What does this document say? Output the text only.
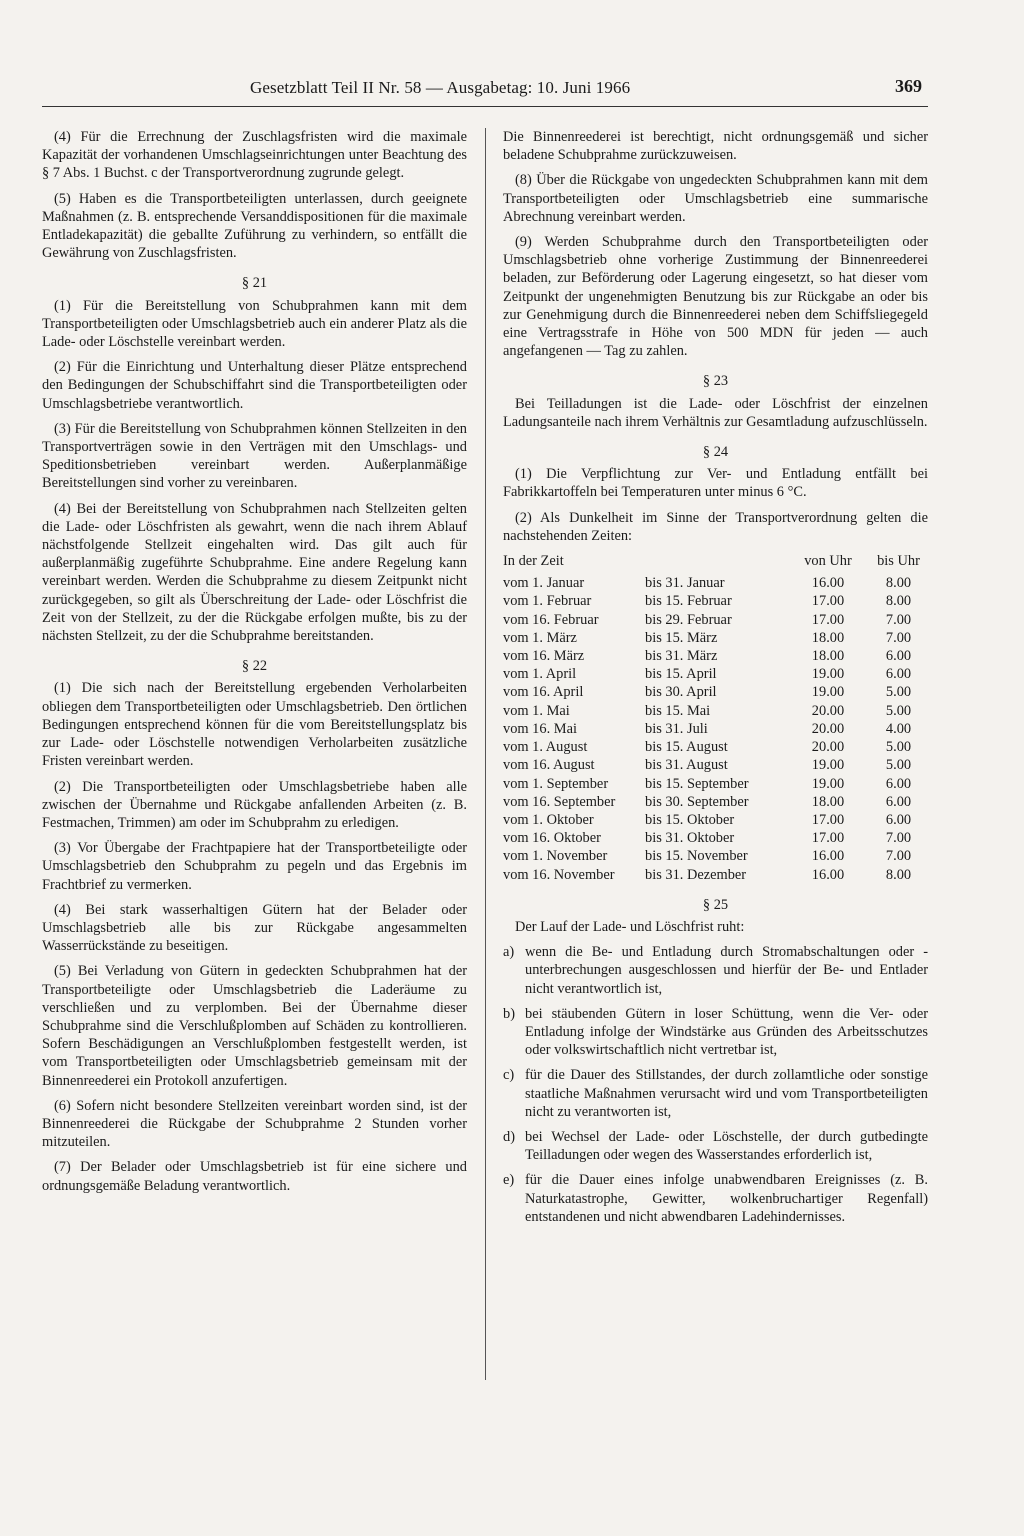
Gesetzblatt Teil II Nr. 58 — Ausgabetag: 10. Juni 1966	369

(4) Für die Errechnung der Zuschlagsfristen wird die maximale Kapazität der vorhandenen Umschlagseinrichtungen unter Beachtung des § 7 Abs. 1 Buchst. c der Transportverordnung zugrunde gelegt.

(5) Haben es die Transportbeteiligten unterlassen, durch geeignete Maßnahmen (z. B. entsprechende Versanddispositionen für die maximale Entladekapazität) die geballte Zuführung zu verhindern, so entfällt die Gewährung von Zuschlagsfristen.

§ 21

(1) Für die Bereitstellung von Schubprahmen kann mit dem Transportbeteiligten oder Umschlagsbetrieb auch ein anderer Platz als die Lade- oder Löschstelle vereinbart werden.

(2) Für die Einrichtung und Unterhaltung dieser Plätze entsprechend den Bedingungen der Schubschiffahrt sind die Transportbeteiligten oder Umschlagsbetriebe verantwortlich.

(3) Für die Bereitstellung von Schubprahmen können Stellzeiten in den Transportverträgen sowie in den Verträgen mit den Umschlags- und Speditionsbetrieben vereinbart werden. Außerplanmäßige Bereitstellungen sind vorher zu vereinbaren.

(4) Bei der Bereitstellung von Schubprahmen nach Stellzeiten gelten die Lade- oder Löschfristen als gewahrt, wenn die nach ihrem Ablauf nächstfolgende Stellzeit eingehalten wird. Das gilt auch für außerplanmäßig zugeführte Schubprahme. Eine andere Regelung kann vereinbart werden. Werden die Schubprahme zu diesem Zeitpunkt nicht zurückgegeben, so gilt als Überschreitung der Lade- oder Löschfrist die Zeit von der Stellzeit, zu der die Rückgabe erfolgen mußte, bis zu der nächsten Stellzeit, zu der die Schubprahme bereitstanden.

§ 22

(1) Die sich nach der Bereitstellung ergebenden Verholarbeiten obliegen dem Transportbeteiligten oder Umschlagsbetrieb. Den örtlichen Bedingungen entsprechend können für die vom Bereitstellungsplatz bis zur Lade- oder Löschstelle notwendigen Verholarbeiten zusätzliche Fristen vereinbart werden.

(2) Die Transportbeteiligten oder Umschlagsbetriebe haben alle zwischen der Übernahme und Rückgabe anfallenden Arbeiten (z. B. Festmachen, Trimmen) am oder im Schubprahm zu erledigen.

(3) Vor Übergabe der Frachtpapiere hat der Transportbeteiligte oder Umschlagsbetrieb den Schubprahm zu pegeln und das Ergebnis im Frachtbrief zu vermerken.

(4) Bei stark wasserhaltigen Gütern hat der Belader oder Umschlagsbetrieb alle bis zur Rückgabe angesammelten Wasserrückstände zu beseitigen.

(5) Bei Verladung von Gütern in gedeckten Schubprahmen hat der Transportbeteiligte oder Umschlagsbetrieb die Laderäume zu verschließen und zu verplomben. Bei der Übernahme dieser Schubprahme sind die Verschlußplomben auf Schäden zu kontrollieren. Sofern Beschädigungen an Verschlußplomben festgestellt werden, ist vom Transportbeteiligten oder Umschlagsbetrieb gemeinsam mit der Binnenreederei ein Protokoll anzufertigen.

(6) Sofern nicht besondere Stellzeiten vereinbart worden sind, ist der Binnenreederei die Rückgabe der Schubprahme 2 Stunden vorher mitzuteilen.

(7) Der Belader oder Umschlagsbetrieb ist für eine sichere und ordnungsgemäße Beladung verantwortlich.

Die Binnenreederei ist berechtigt, nicht ordnungsgemäß und sicher beladene Schubprahme zurückzuweisen.

(8) Über die Rückgabe von ungedeckten Schubprahmen kann mit dem Transportbeteiligten oder Umschlagsbetrieb eine summarische Abrechnung vereinbart werden.

(9) Werden Schubprahme durch den Transportbeteiligten oder Umschlagsbetrieb ohne vorherige Zustimmung der Binnenreederei beladen, zur Beförderung oder Lagerung eingesetzt, so hat dieser vom Zeitpunkt der ungenehmigten Benutzung bis zur Rückgabe an oder bis zur Genehmigung durch die Binnenreederei neben dem Schiffsliegegeld eine Vertragsstrafe in Höhe von 500 MDN für jeden — auch angefangenen — Tag zu zahlen.

§ 23

Bei Teilladungen ist die Lade- oder Löschfrist der einzelnen Ladungsanteile nach ihrem Verhältnis zur Gesamtladung aufzuschlüsseln.

§ 24

(1) Die Verpflichtung zur Ver- und Entladung entfällt bei Fabrikkartoffeln bei Temperaturen unter minus 6 °C.

(2) Als Dunkelheit im Sinne der Transportverordnung gelten die nachstehenden Zeiten:

In der Zeit		von Uhr	bis Uhr
vom 1. Januar	bis 31. Januar	16.00	8.00
vom 1. Februar	bis 15. Februar	17.00	8.00
vom 16. Februar	bis 29. Februar	17.00	7.00
vom 1. März	bis 15. März	18.00	7.00
vom 16. März	bis 31. März	18.00	6.00
vom 1. April	bis 15. April	19.00	6.00
vom 16. April	bis 30. April	19.00	5.00
vom 1. Mai	bis 15. Mai	20.00	5.00
vom 16. Mai	bis 31. Juli	20.00	4.00
vom 1. August	bis 15. August	20.00	5.00
vom 16. August	bis 31. August	19.00	5.00
vom 1. September	bis 15. September	19.00	6.00
vom 16. September	bis 30. September	18.00	6.00
vom 1. Oktober	bis 15. Oktober	17.00	6.00
vom 16. Oktober	bis 31. Oktober	17.00	7.00
vom 1. November	bis 15. November	16.00	7.00
vom 16. November	bis 31. Dezember	16.00	8.00

§ 25

Der Lauf der Lade- und Löschfrist ruht:

a) wenn die Be- und Entladung durch Stromabschaltungen oder -unterbrechungen ausgeschlossen und hierfür der Be- und Entlader nicht verantwortlich ist,
b) bei stäubenden Gütern in loser Schüttung, wenn die Ver- oder Entladung infolge der Windstärke aus Gründen des Arbeitsschutzes oder volkswirtschaftlich nicht vertretbar ist,
c) für die Dauer des Stillstandes, der durch zollamtliche oder sonstige staatliche Maßnahmen verursacht wird und vom Transportbeteiligten nicht zu verantworten ist,
d) bei Wechsel der Lade- oder Löschstelle, der durch gutbedingte Teilladungen oder wegen des Wasserstandes erforderlich ist,
e) für die Dauer eines infolge unabwendbaren Ereignisses (z. B. Naturkatastrophe, Gewitter, wolkenbruchartiger Regenfall) entstandenen und nicht abwendbaren Ladehindernisses.
